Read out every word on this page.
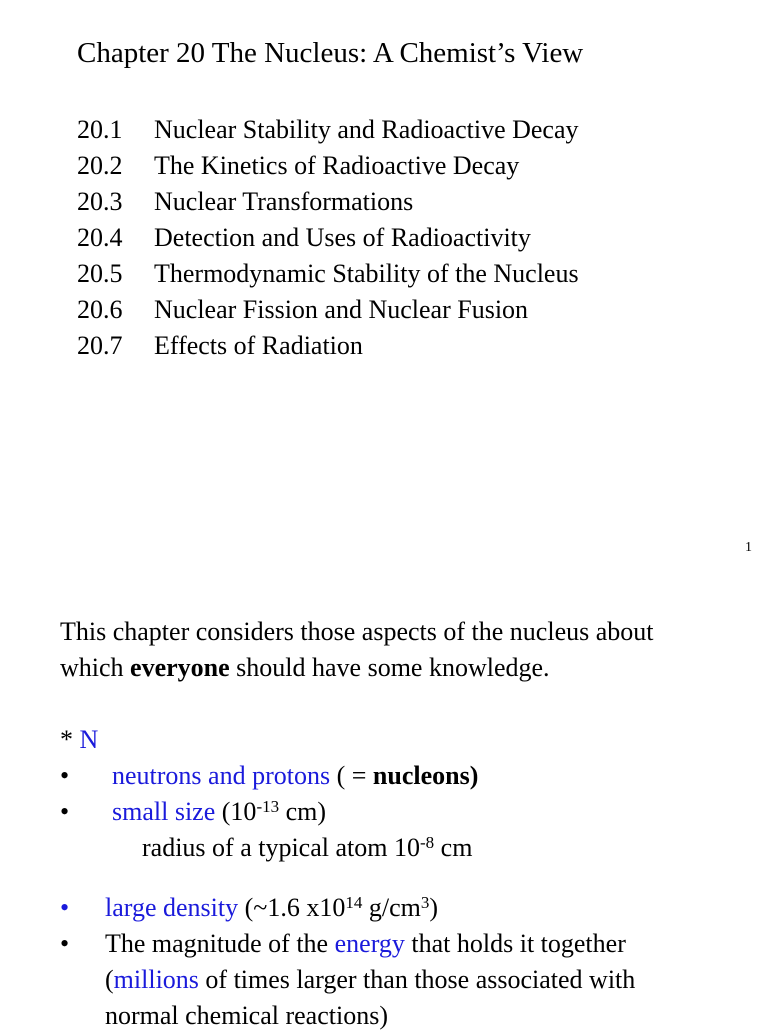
Chapter 20 The Nucleus: A Chemist’s View
20.1	Nuclear Stability and Radioactive Decay
20.2	The Kinetics of Radioactive Decay
20.3	Nuclear Transformations
20.4	Detection and Uses of Radioactivity
20.5	Thermodynamic Stability of the Nucleus
20.6	Nuclear Fission and Nuclear Fusion
20.7	Effects of Radiation
1
This chapter considers those aspects of the nucleus about
which everyone should have some knowledge.
* N
• neutrons and protons ( = nucleons)
• small size ($10^{-13}$ cm)
radius of a typical atom $10^{-8}$ cm
• large density (~1.6 $x10^{14}$ $g/cm^3$)
• The magnitude of the energy that holds it together
(millions of times larger than those associated with
normal chemical reactions)
